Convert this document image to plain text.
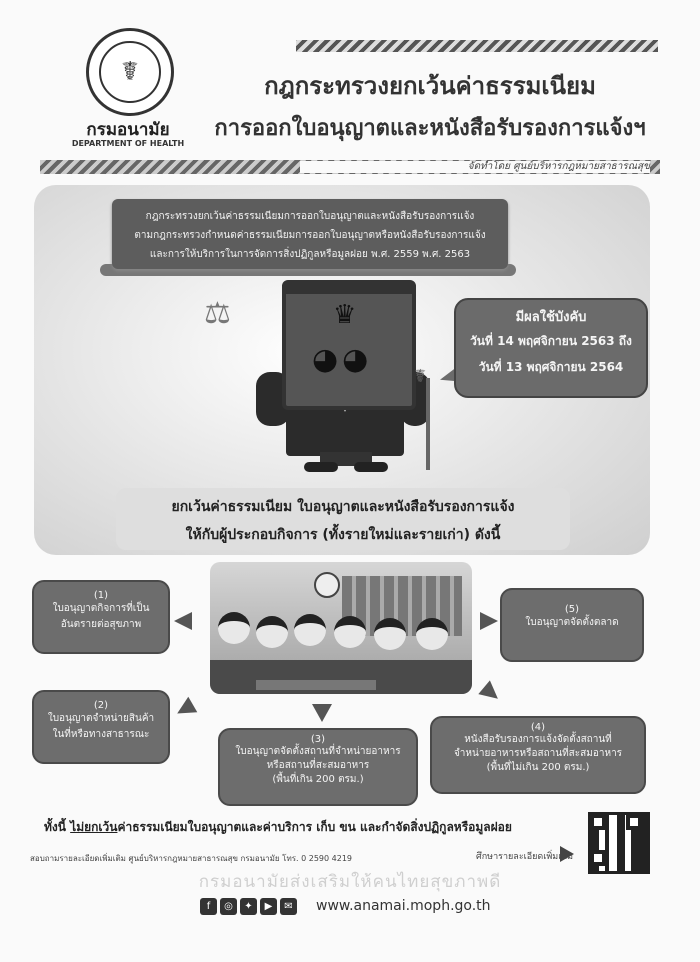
☤
กรมอนามัย
DEPARTMENT OF HEALTH
กฎกระทรวงยกเว้นค่าธรรมเนียม
การออกใบอนุญาตและหนังสือรับรองการแจ้งฯ
จัดทำโดย ศูนย์บริหารกฎหมายสาธารณสุข
กฎกระทรวงยกเว้นค่าธรรมเนียมการออกใบอนุญาตและหนังสือรับรองการแจ้ง
ตามกฎกระทรวงกำหนดค่าธรรมเนียมการออกใบอนุญาตหรือหนังสือรับรองการแจ้ง
และการให้บริการในการจัดการสิ่งปฏิกูลหรือมูลฝอย พ.ศ. 2559 พ.ศ. 2563
⚖	♛
◕◕ ☤
มีผลใช้บังคับ
วันที่ 14 พฤศจิกายน 2563 ถึง
วันที่ 13 พฤศจิกายน 2564
ยกเว้นค่าธรรมเนียม ใบอนุญาตและหนังสือรับรองการแจ้ง
ให้กับผู้ประกอบกิจการ (ทั้งรายใหม่และรายเก่า) ดังนี้
(1)
ใบอนุญาตกิจการที่เป็น
อันตรายต่อสุขภาพ
(2)
ใบอนุญาตจำหน่ายสินค้า
ในที่หรือทางสาธารณะ	(3)
ใบอนุญาตจัดตั้งสถานที่จำหน่ายอาหาร
หรือสถานที่สะสมอาหาร
(พื้นที่เกิน 200 ตรม.)
(4)
หนังสือรับรองการแจ้งจัดตั้งสถานที่
จำหน่ายอาหารหรือสถานที่สะสมอาหาร
(พื้นที่ไม่เกิน 200 ตรม.)
(5)
ใบอนุญาตจัดตั้งตลาด
ทั้งนี้ ไม่ยกเว้นค่าธรรมเนียมใบอนุญาตและค่าบริการ เก็บ ขน และกำจัดสิ่งปฏิกูลหรือมูลฝอย
สอบถามรายละเอียดเพิ่มเติม ศูนย์บริหารกฎหมายสาธารณสุข กรมอนามัย โทร. 0 2590 4219	ศึกษารายละเอียดเพิ่มเติม
กรมอนามัยส่งเสริมให้คนไทยสุขภาพดี
f	◎	✦	▶	✉	www.anamai.moph.go.th
